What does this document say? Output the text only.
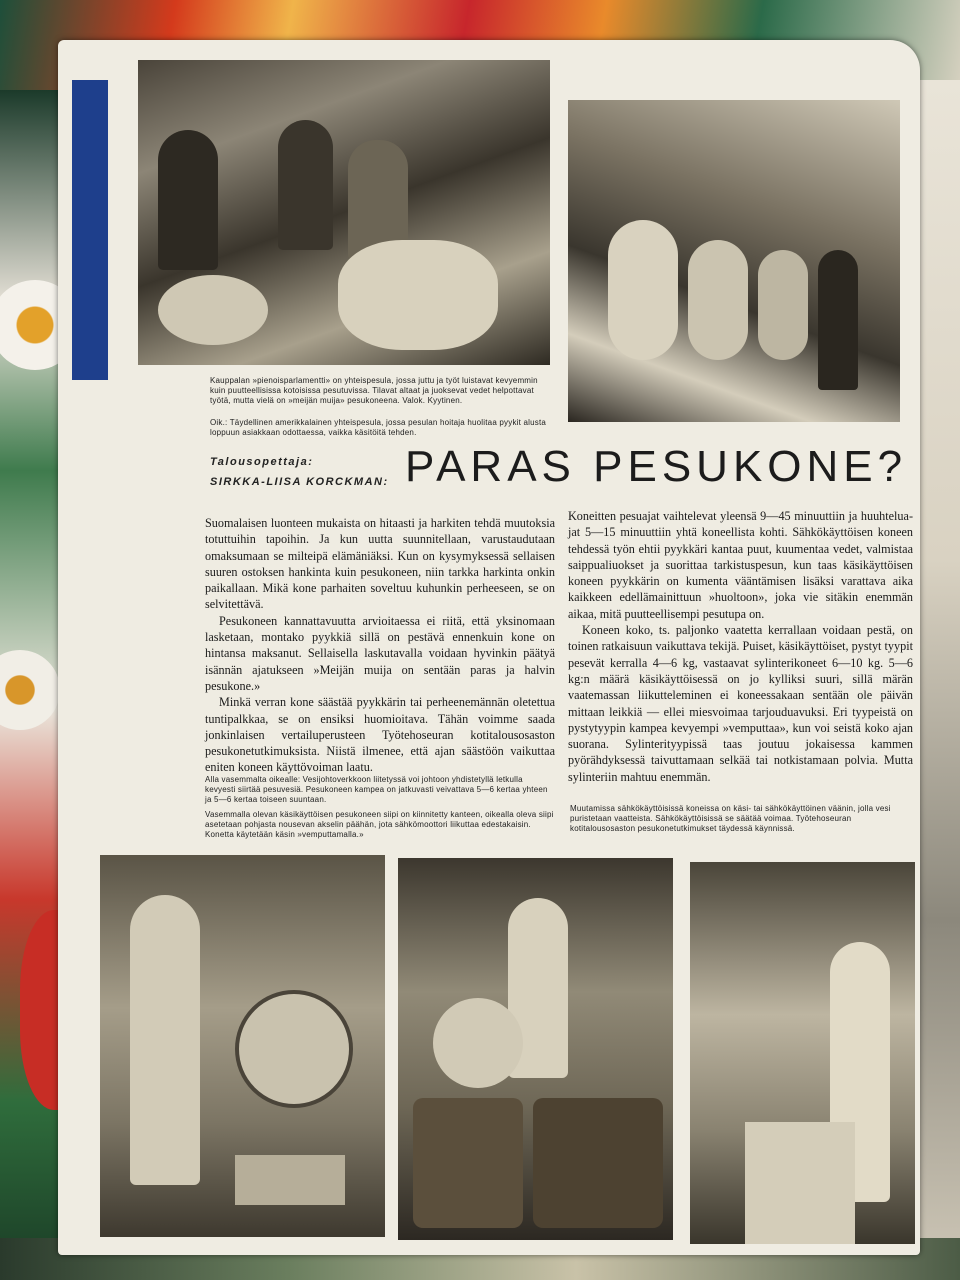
Kauppalan »pienoisparlamentti» on yhteispesula, jossa juttu ja työt luistavat kevyemmin kuin puutteellisissa kotoisissa pesutuvissa. Tilavat altaat ja juoksevat vedet helpottavat työtä, mutta vielä on »meijän muija» pesukoneena. Valok. Kyytinen.
Oik.: Täydellinen amerikkalainen yhteispesula, jossa pesulan hoitaja huolitaa pyykit alusta loppuun asiakkaan odottaessa, vaikka käsitöitä tehden.
Talousopettaja:
SIRKKA-LIISA KORCKMAN: PARAS PESUKONE?

Suomalaisen luonteen mukaista on hitaasti ja harkiten tehdä muutoksia totuttuihin tapoihin. Ja kun uutta suunnitellaan, varustaudutaan omaksumaan se milteipä elämäniäksi. Kun on kysymyksessä sellaisen suuren ostoksen hankinta kuin pesukoneen, niin tarkka harkinta onkin paikallaan. Mikä kone parhaiten soveltuu kuhunkin perheeseen, se on selvitettävä.

Pesukoneen kannattavuutta arvioitaessa ei riitä, että yksinomaan lasketaan, montako pyykkiä sillä on pestävä ennenkuin kone on hintansa maksanut. Sellaisella laskutavalla voidaan hyvinkin päätyä isännän ajatukseen »Meijän muija on sentään paras ja halvin pesukone.»

Minkä verran kone säästää pyykkärin tai perheenemännän oletettua tuntipalkkaa, se on ensiksi huomioitava. Tähän voimme saada jonkinlaisen vertailuperusteen Työtehoseuran kotitalousosaston pesukonetutkimuksista. Niistä ilmenee, että ajan säästöön vaikuttaa eniten koneen käyttövoiman laatu.

Koneitten pesuajat vaihtelevat yleensä 9—45 minuuttiin ja huuhteluajat 5—15 minuuttiin yhtä koneellista kohti. Sähkökäyttöisen koneen tehdessä työn ehtii pyykkäri kantaa puut, kuumentaa vedet, valmistaa saippualiuokset ja suorittaa tarkistuspesun, kun taas käsikäyttöisen koneen pyykkärin on kumenta vääntämisen lisäksi varattava aika kaikkeen edellämainittuun »huoltoon», joka vie sitäkin enemmän aikaa, mitä puutteellisempi pesutupa on.

Koneen koko, ts. paljonko vaatetta kerrallaan voidaan pestä, on toinen ratkaisuun vaikuttava tekijä. Puiset, käsikäyttöiset, pystyt tyypit pesevät kerralla 4—6 kg, vastaavat sylinterikoneet 6—10 kg. 5—6 kg:n määrä käsikäyttöisessä on jo kylliksi suuri, sillä märän vaatemassan liikutteleminen ei koneessakaan sentään ole päivän mittaan leikkiä — ellei miesvoimaa tarjouduavuksi. Eri tyypeistä on pystytyypin kampea kevyempi »vemputtaa», kun voi seistä koko ajan suorana. Sylinterityypissä taas joutuu jokaisessa kammen pyörähdyksessä taivuttamaan selkää tai notkistamaan polvia. Mutta sylinteriin mahtuu enemmän.

Alla vasemmalta oikealle: Vesijohtoverkkoon liitetyssä voi johtoon yhdistetyllä letkulla kevyesti siirtää pesuvesiä. Pesukoneen kampea on jatkuvasti veivattava 5—6 kertaa yhteen ja 5—6 kertaa toiseen suuntaan.
Vasemmalla olevan käsikäyttöisen pesukoneen siipi on kiinnitetty kanteen, oikealla oleva siipi asetetaan pohjasta nousevan akselin päähän, jota sähkömoottori liikuttaa edestakaisin. Konetta käytetään käsin »vemputtamalla.»
Muutamissa sähkökäyttöisissä koneissa on käsi- tai sähkökäyttöinen väänin, jolla vesi puristetaan vaatteista. Sähkökäyttöisissä se säätää voimaa. Työtehoseuran kotitalousosaston pesukonetutkimukset täydessä käynnissä.
